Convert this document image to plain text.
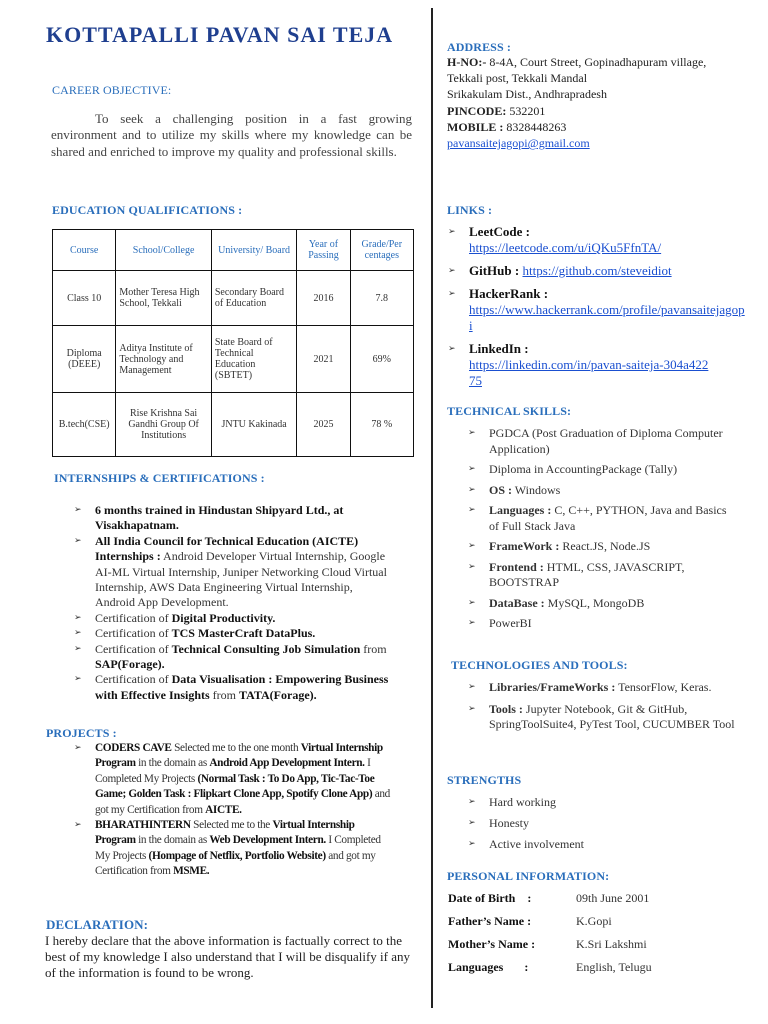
KOTTAPALLI PAVAN SAI TEJA
CAREER OBJECTIVE:
To seek a challenging position in a fast growing environment and to utilize my skills where my knowledge can be shared and enriched to improve my quality and professional skills.
EDUCATION QUALIFICATIONS :
Course	School/College	University/ Board	Year of Passing	Grade/Per centages
Class 10	Mother Teresa High School, Tekkali	Secondary Board of Education	2016	7.8
Diploma (DEEE)	Aditya Institute of Technology and Management	State Board of Technical Education (SBTET)	2021	69%
B.tech(CSE)	Rise Krishna Sai Gandhi Group Of Institutions	JNTU Kakinada	2025	78 %
INTERNSHIPS & CERTIFICATIONS :
➢ 6 months trained in Hindustan Shipyard Ltd., at Visakhapatnam.
➢ All India Council for Technical Education (AICTE) Internships : Android Developer Virtual Internship, Google AI-ML Virtual Internship, Juniper Networking Cloud Virtual Internship, AWS Data Engineering Virtual Internship, Android App Development.
➢ Certification of Digital Productivity.
➢ Certification of TCS MasterCraft DataPlus.
➢ Certification of Technical Consulting Job Simulation from SAP(Forage).
➢ Certification of Data Visualisation : Empowering Business with Effective Insights from TATA(Forage).
PROJECTS :
➢ CODERS CAVE Selected me to the one month Virtual Internship Program in the domain as Android App Development Intern. I Completed My Projects (Normal Task : To Do App, Tic-Tac-Toe Game; Golden Task : Flipkart Clone App, Spotify Clone App) and got my Certification from AICTE.
➢ BHARATHINTERN Selected me to the Virtual Internship Program in the domain as Web Development Intern. I Completed My Projects (Hompage of Netflix, Portfolio Website) and got my Certification from MSME.
DECLARATION:
I hereby declare that the above information is factually correct to the best of my knowledge I also understand that I will be disqualify if any of the information is found to be wrong.
ADDRESS :
H-NO:- 8-4A, Court Street, Gopinadhapuram village,
Tekkali post, Tekkali Mandal
Srikakulam Dist., Andhrapradesh
PINCODE: 532201
MOBILE : 8328448263
pavansaitejagopi@gmail.com
LINKS :
➢ LeetCode :
https://leetcode.com/u/iQKu5FfnTA/
➢ GitHub : https://github.com/steveidiot
➢ HackerRank :
https://www.hackerrank.com/profile/pavansaitejagopi
➢ LinkedIn :
https://linkedin.com/in/pavan-saiteja-304a42275
TECHNICAL SKILLS:
➢ PGDCA (Post Graduation of Diploma Computer Application)
➢ Diploma in AccountingPackage (Tally)
➢ OS : Windows
➢ Languages : C, C++, PYTHON, Java and Basics of Full Stack Java
➢ FrameWork : React.JS, Node.JS
➢ Frontend : HTML, CSS, JAVASCRIPT, BOOTSTRAP
➢ DataBase : MySQL, MongoDB
➢ PowerBI
TECHNOLOGIES AND TOOLS:
➢ Libraries/FrameWorks : TensorFlow, Keras.
➢ Tools : Jupyter Notebook, Git & GitHub, SpringToolSuite4, PyTest Tool, CUCUMBER Tool
STRENGTHS
➢ Hard working
➢ Honesty
➢ Active involvement
PERSONAL INFORMATION:
Date of Birth    :	09th June 2001
Father’s Name :	K.Gopi
Mother’s Name :	K.Sri Lakshmi
Languages       :	English, Telugu
